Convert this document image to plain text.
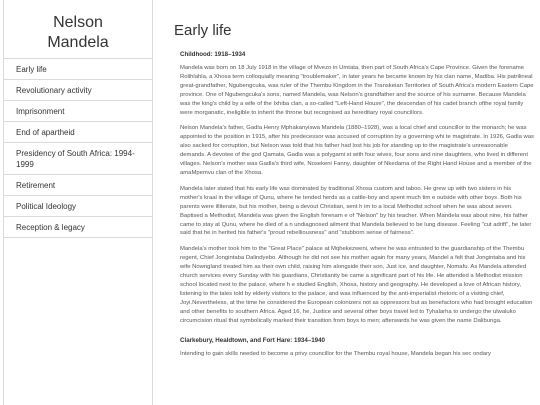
Nelson
Mandela
Early life
Revolutionary activity
Imprisonment
End of apartheid
Presidency of South Africa: 1994-1999
Retirement
Political Ideology
Reception & legacy
Early life
Childhood: 1918–1934

Mandela was born on 18 July 1918 in the village of Mvezo in Umtata, then part of South Africa's Cape Province. Given the forename Rolihlahla, a Xhosa term colloquially meaning "troublemaker", in later years he became known by his clan name, Madiba. His patrilineal great-grandfather, Ngubengcuka, was ruler of the Thembu Kingdom in the Transkeian Territories of South Africa's modern Eastern Cape province. One of Ngubengcuka's sons, named Mandela, was Nelson's grandfather and the source of his surname. Because Mandela was the king's child by a wife of the Ixhiba clan, a so-called "Left-Hand House", the descendan of his cadet branch ofthe royal family were morganatic, ineligible to inherit the throne but recognised as hereditary royal councillors.

Nelson Mandela's father, Gadla Henry Mphakanyiswa Mandela (1880–1928), was a local chief and councillor to the monarch; he was appointed to the position in 1915, after his predecessor was accused of corruption by a governing whi te magistrate. In 1926, Gadla was also sacked for corruption, but Nelson was told that his father had lost his job for standing up to the magistrate's unreasonable demands. A devotee of the god Qamata, Gadla was a polygami st with four wives, four sons and nine daughters, who lived in different villages. Nelson's mother was Gadla's third wife, Nosekeni Fanny, daughter of Nkedama of the Right Hand House and a member of the amaMpemvu clan of the Xhosa.

Mandela later stated that his early life was dominated by traditional Xhosa custom and taboo. He grew up with two sisters in his mother's kraal in the village of Qunu, where he tended herds as a cattle-boy and spent much tim e outside with other boys. Both his parents were illiterate, but his mother, being a devout Christian, sent h im to a local Methodist school when he was about seven. Baptised a Methodist, Mandela was given the English forenam e of "Nelson" by his teacher. When Mandela was about nine, his father came to stay at Qunu, where he died of a n undiagnosed ailment that Mandela believed to be lung disease. Feeling "cut adrift", he later said that he in herited his father's "proud rebelliousness" and "stubborn sense of fairness".

Mandela's mother took him to the "Great Place" palace at Mqhekezweni, where he was entrusted to the guardianship of the Thembu regent, Chief Jongintaba Dalindyebo. Although he did not see his mother again for many years, Mandel a felt that Jongintaba and his wife Nowngland treated him as their own child, raising him alongside their son, Just ice, and daughter, Nomafu. As Mandela attended church services every Sunday with his guardians, Christianity be came a significant part of his life. He attended a Methodist mission school located next to the palace, where h e studied English, Xhosa, history and geography. He developed a love of African history, listening to the tales told by elderly visitors to the palace, and was influenced by the anti-imperialist rhetoric of a visiting chief, Joyi.Nevertheless, at the time he considered the European colonizers not as oppressors but as benefactors who had brought education and other benefits to southern Africa. Aged 16, he, Justice and several other boys travel led to Tyhalarha to undergo the ulwaluko circumcision ritual that symbolically marked their transition from boys to men; afterwards he was given the name Dalibunga.

Clarkebury, Healdtown, and Fort Hare: 1934–1940

Intending to gain skills needed to become a privy councillor for the Thembu royal house, Mandela began his sec ondary
